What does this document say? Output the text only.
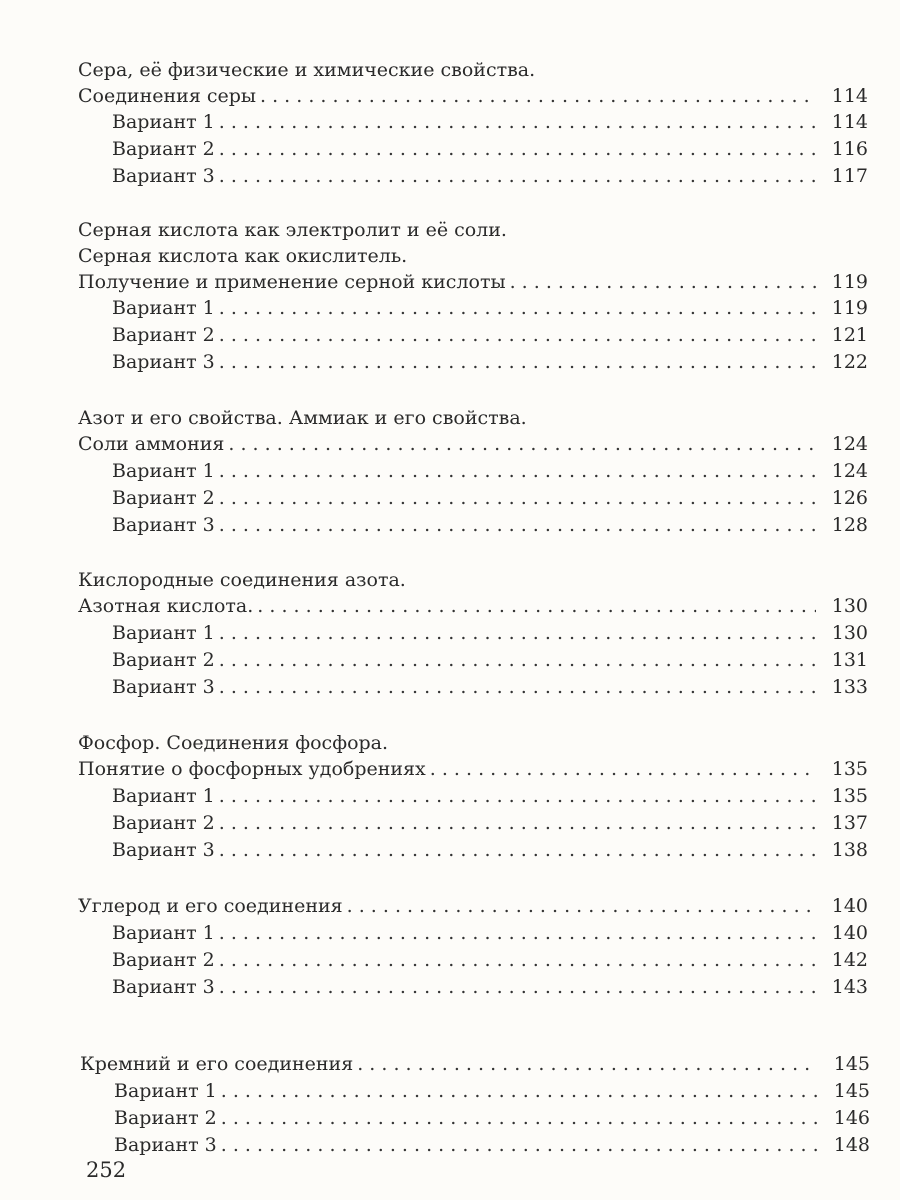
Сера, её физические и химические свойства.
Соединения серы . . .	114
Вариант 1 . . .	114
Вариант 2 . . .	116
Вариант 3 . . .	117
Серная кислота как электролит и её соли.
Серная кислота как окислитель.
Получение и применение серной кислоты . . .	119
Вариант 1 . . .	119
Вариант 2 . . .	121
Вариант 3 . . .	122
Азот и его свойства. Аммиак и его свойства.
Соли аммония . . .	124
Вариант 1 . . .	124
Вариант 2 . . .	126
Вариант 3 . . .	128
Кислородные соединения азота.
Азотная кислота. . . .	130
Вариант 1 . . .	130
Вариант 2 . . .	131
Вариант 3 . . .	133
Фосфор. Соединения фосфора.
Понятие о фосфорных удобрениях . . .	135
Вариант 1 . . .	135
Вариант 2 . . .	137
Вариант 3 . . .	138
Углерод и его соединения . . .	140
Вариант 1 . . .	140
Вариант 2 . . .	142
Вариант 3 . . .	143
Кремний и его соединения . . .	145
Вариант 1 . . .	145
Вариант 2 . . .	146
Вариант 3 . . .	148
252
